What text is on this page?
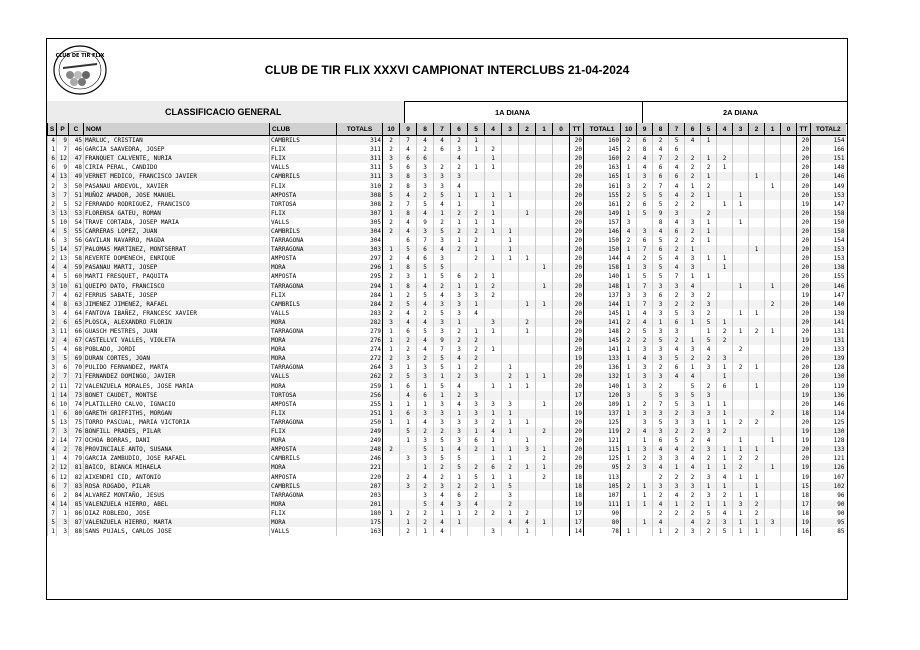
CLUB DE TIR FLIX
CLUB DE TIR FLIX XXXVI CAMPIONAT INTERCLUBS 21-04-2024
CLASSIFICACIO GENERAL	1A DIANA	2A DIANA
S	P	C	NOM	CLUB	TOTALS	10	9	8	7	6	5	4	3	2	1	0	TT	TOTAL1	10	9	8	7	6	5	4	3	2	1	0	TT	TOTAL2
4	9	45	MARLUC, CRISTIAN	CAMBRILS	314	2	7	4	4	2	1						20	160	2	6	2	5	4	1						20	154
1	7	46	GARCIA SAAVEDRA, JOSEP	FLIX	311	2	4	2	6	3	1	2					20	145	2	8	4	6								20	166
6	12	47	FRANQUET CALVENTE, NURIA	FLIX	311	3	6	6		4		1					20	160	2	4	7	2	2	1	2					20	151
6	9	48	CIRIA PERAL, CANDIDO	VALLS	311	5	6	3	2	2	1	1					20	163	1	4	6	4	2	2	1					20	148
4	13	49	VERNET MEDICO, FRANCISCO JAVIER	CAMBRILS	311	3	8	3	3	3							20	165	1	3	6	6	2	1			1			20	146
2	3	50	PASANAU ARDEVOL, XAVIER	FLIX	310	2	8	3	3	4							20	161	3	2	7	4	1	2				1		20	149
3	7	51	MUÑOZ AMADOR, JOSE MANUEL	AMPOSTA	308	5	4	2	5	1	1	1	1				20	155	2	5	5	4	2	1		1				20	153
2	5	52	FERRANDO RODRIGUEZ, FRANCISCO	TORTOSA	308	2	7	5	4	1		1					20	161	2	6	5	2	2		1	1				19	147
3	13	53	FLORENSA GATEU, ROMAN	FLIX	307	1	8	4	1	2	2	1		1			20	149	1	5	9	3		2						20	158
5	10	54	TRAVE CORTADA, JOSEP MARIA	VALLS	305	2	4	9	2	1	1	1					20	157	3		8	4	3	1		1				20	150
4	5	55	CARRERAS LOPEZ, JUAN	CAMBRILS	304	2	4	3	5	2	2	1	1				20	146	4	3	4	6	2	1						20	158
6	3	56	GAVILAN NAVARRO, MAGDA	TARRAGONA	304		6	7	3	1	2		1				20	150	2	6	5	2	2	1						20	154
5	14	57	PALOMAS MARTINEZ, MONTSERRAT	TARRAGONA	303	1	5	6	4	2	1		1				20	150	1	7	6	2	1				1			20	153
2	13	58	REVERTE DOMENECH, ENRIQUE	AMPOSTA	297	2	4	6	3		2	1	1	1			20	144	4	2	5	4	3	1	1					20	153
4	4	59	PASANAU MARTI, JOSEP	MORA	296	1	8	5	5						1		20	158	1	3	5	4	3		1					20	138
4	5	60	MARTI FRESQUET, PAQUITA	AMPOSTA	295	2	3	1	5	6	2	1					20	140	1	5	5	7	1	1						20	155
3	10	61	QUEIPO DATO, FRANCISCO	TARRAGONA	294	1	8	4	2	1	1	2			1		20	148	1	7	3	3	4			1		1		20	146
7	4	62	FERRUS SABATE, JOSEP	FLIX	284	1	2	5	4	3	3	2					20	137	3	3	6	2	3	2						19	147
4	8	63	JIMENEZ JIMENEZ, RAFAEL	CAMBRILS	284	2	5	4	3	3	1			1	1		20	144	1	7	3	2	2	3				2		20	140
3	4	64	FANTOVA IBAÑEZ, FRANCESC XAVIER	VALLS	283	2	4	2	5	3	4						20	145	1	4	3	5	3	2		1	1			20	138
2	6	65	PLOSCA, ALEXANDRO FLORIN	MORA	282	3	4	4	3	1		3		2			20	141	2	4	1	6	1	5	1					20	141
3	11	66	GUASCH MESTRES, JUAN	TARRAGONA	279	1	6	5	3	2	1	1		1			20	148	2	5	3	3		1	2	1	2	1		20	131
2	4	67	CASTELLVI VALLES, VIOLETA	MORA	276	1	2	4	9	2	2						20	145	2	2	5	2	1	5	2					19	131
5	4	68	POBLADO, JORDI	MORA	274	1	2	4	7	3	2	1					20	141	1	3	3	4	3	4		2				20	133
3	5	69	DURAN CORTES, JOAN	MORA	272	2	3	2	5	4	2						19	133	1	4	3	5	2	2	3					20	139
3	6	70	PULIDO FERNANDEZ, MARTA	TARRAGONA	264	3	1	3	5	1	2		1				20	136	1	3	2	6	1	3	1	2	1			20	128
2	7	71	FERNANDEZ DOMINGO, JAVIER	VALLS	262	2	5	3	1	2	3		2	1	1		20	132	1	3	3	4	4		1					20	130
2	11	72	VALENZUELA MORALES, JOSE MARIA	MORA	259	1	6	1	5	4		1	1	1			20	140	1	3	2		5	2	6		1			20	119
1	14	73	BONET CAUDET, MONTSE	TORTOSA	256		4	6	1	2	3						17	120	3		5	3	5	3						19	136
6	10	74	PLATILLERO CALVO, IGNACIO	AMPOSTA	255	1	1	1	3	4	3	3	3		1		20	109	1	2	7	5	3	1	1					20	146
1	6	80	GARETH GRIFFITHS, MORGAN	FLIX	251	1	6	3	3	1	3	1	1				19	137	1	3	3	2	3	3	1			2		18	114
5	13	75	TORRO PASCUAL, MARIA VICTORIA	TARRAGONA	250	1	1	4	3	3	3	2	1	1			20	125		3	5	3	3	1	1	2	2			20	125
7	3	76	BONFILL PRADES, PILAR	FLIX	249		5	2	2	3	1	4	1		2		20	119	2	4	3	2	2	3	2					19	130
2	14	77	OCHOA BORRAS, DANI	MORA	249		1	3	5	3	6	1		1			20	121		1	6	5	2	4		1		1		19	128
4	2	78	PROVINCIALE ANTO, SUSANA	AMPOSTA	248	2		5	1	4	2	1	1	3	1		20	115	1	3	4	4	2	3	1	1	1			20	133
1	4	79	GARCIA ZAMBUDIO, JOSE RAFAEL	CAMBRILS	246		3	3	5	5		1	1		2		20	125	1	2	3	3	4	2	1	2	2			20	121
2	12	81	BAICO, BIANCA MIHAELA	MORA	221			1	2	5	2	6	2	1	1		20	95	2	3	4	1	4	1	1	2		1		19	126
6	12	82	AIXENDRI CID, ANTONIO	AMPOSTA	220		2	4	2	1	5	1	1		2		18	113			2	2	2	3	4	1	1			19	107
6	7	83	ROSA ROGADO, PILAR	CAMBRILS	207		3	2	3	2	2	1	5				18	105	2	1	3	3	3	1	1		1			15	102
6	2	84	ALVAREZ MONTAÑO, JESUS	TARRAGONA	203			3	4	6	2		3				18	107		1	2	4	2	3	2	1	1			18	96
4	14	85	VALENZUELA HIERRO, ABEL	MORA	201			5	4	3	4		2				19	111	1	1	4	1	2	1	1	3	2			17	90
7	1	86	DIAZ ROBLEDO, JOSE	FLIX	180	1	2	2	1	1	2	2	1	2			17	90			2	2	2	5	4	1	2			18	90
5	3	87	VALENZUELA HIERRO, MARTA	MORA	175		1	2	4	1			4	4	1		17	80		1	4		4	2	3	1	1	3		19	95
1	3	88	SANS PUJALS, CARLOS JOSE	VALLS	163		2	1	4			3		1			14	78	1		1	2	3	2	5	1	1			16	85
